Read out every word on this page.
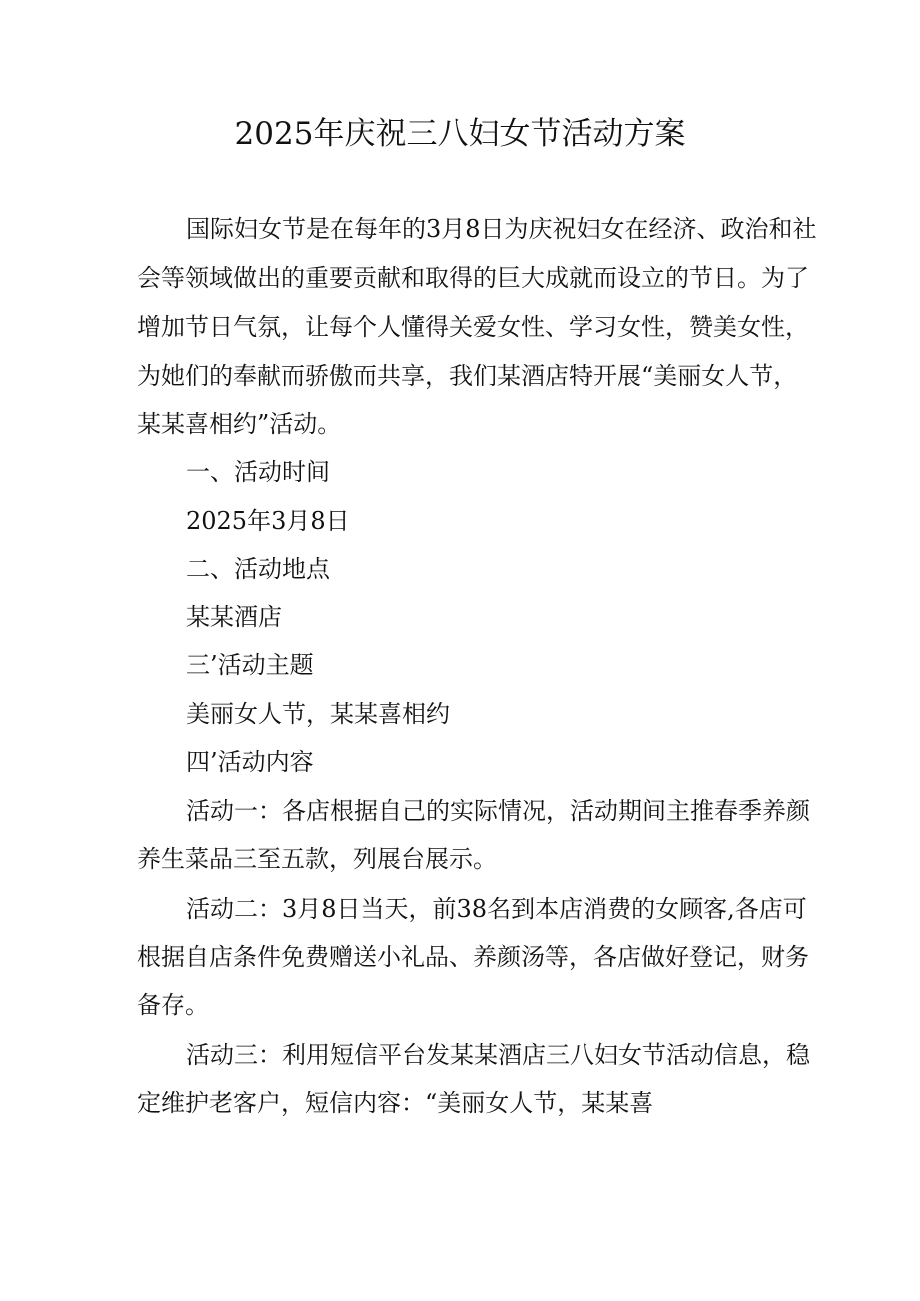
2025年庆祝三八妇女节活动方案

国际妇女节是在每年的3月8日为庆祝妇女在经济、政治和社

会等领域做出的重要贡献和取得的巨大成就而设立的节日。为了

增加节日气氛，让每个人懂得关爱女性、学习女性，赞美女性，

为她们的奉献而骄傲而共享，我们某酒店特开展“美丽女人节，

某某喜相约”活动。

一、活动时间

2025年3月8日

二、活动地点

某某酒店

三’活动主题

美丽女人节，某某喜相约

四’活动内容

活动一：各店根据自己的实际情况，活动期间主推春季养颜

养生菜品三至五款，列展台展示。

活动二：3月8日当天，前38名到本店消费的女顾客,各店可

根据自店条件免费赠送小礼品、养颜汤等，各店做好登记，财务

备存。

活动三：利用短信平台发某某酒店三八妇女节活动信息，稳

定维护老客户，短信内容：“美丽女人节，某某喜
